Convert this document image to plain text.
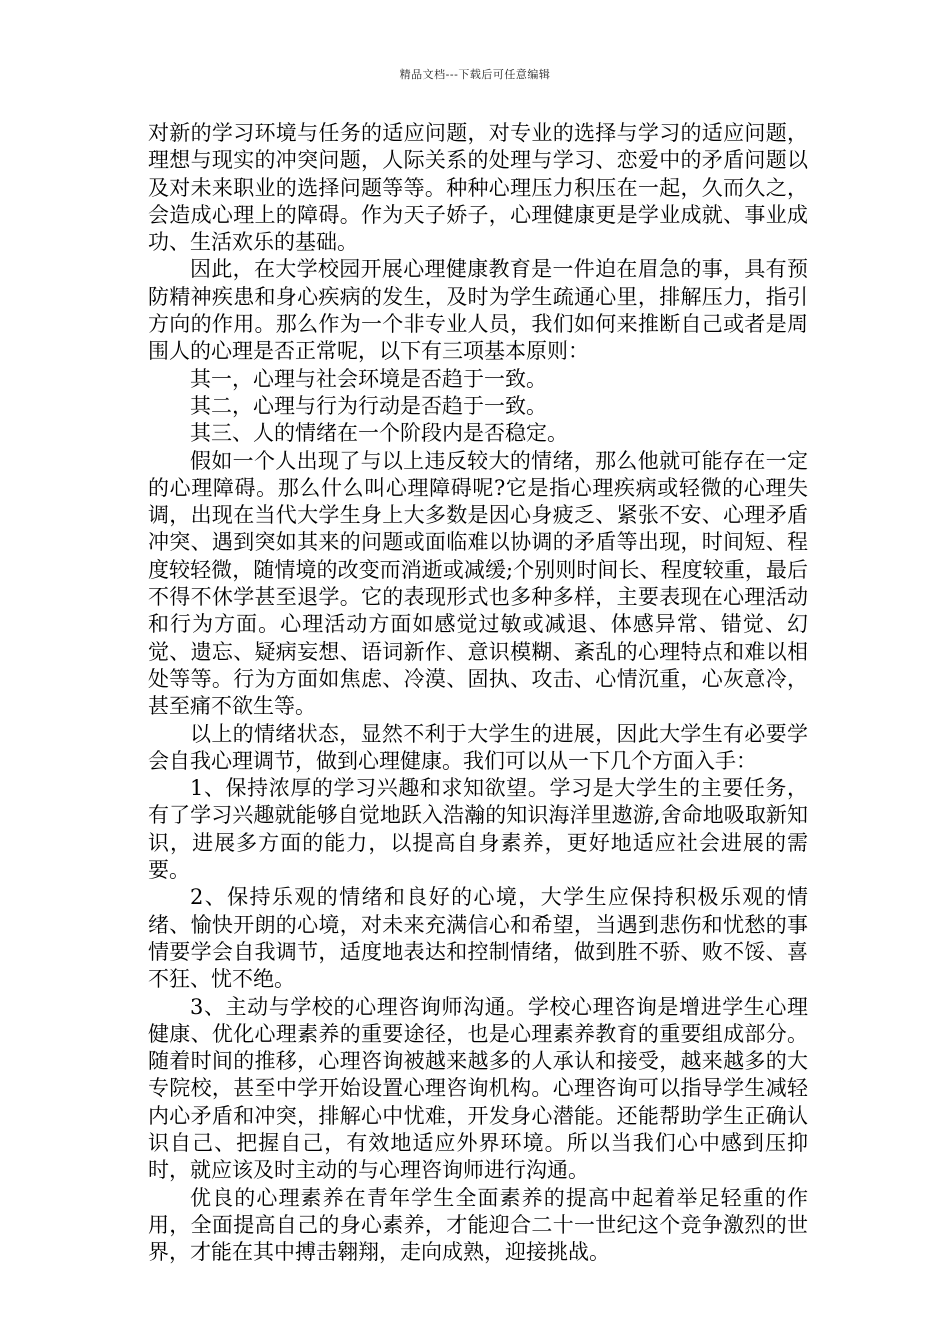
精品文档---下载后可任意编辑

对新的学习环境与任务的适应问题，对专业的选择与学习的适应问题，理想与现实的冲突问题，人际关系的处理与学习、恋爱中的矛盾问题以及对未来职业的选择问题等等。种种心理压力积压在一起，久而久之，会造成心理上的障碍。作为天子娇子，心理健康更是学业成就、事业成功、生活欢乐的基础。

因此，在大学校园开展心理健康教育是一件迫在眉急的事，具有预防精神疾患和身心疾病的发生，及时为学生疏通心里，排解压力，指引方向的作用。那么作为一个非专业人员，我们如何来推断自己或者是周围人的心理是否正常呢，以下有三项基本原则：

其一，心理与社会环境是否趋于一致。

其二，心理与行为行动是否趋于一致。

其三、人的情绪在一个阶段内是否稳定。

假如一个人出现了与以上违反较大的情绪，那么他就可能存在一定的心理障碍。那么什么叫心理障碍呢?它是指心理疾病或轻微的心理失调，出现在当代大学生身上大多数是因心身疲乏、紧张不安、心理矛盾冲突、遇到突如其来的问题或面临难以协调的矛盾等出现，时间短、程度较轻微，随情境的改变而消逝或减缓;个别则时间长、程度较重，最后不得不休学甚至退学。它的表现形式也多种多样，主要表现在心理活动和行为方面。心理活动方面如感觉过敏或减退、体感异常、错觉、幻觉、遗忘、疑病妄想、语词新作、意识模糊、紊乱的心理特点和难以相处等等。行为方面如焦虑、冷漠、固执、攻击、心情沉重，心灰意冷，甚至痛不欲生等。

以上的情绪状态，显然不利于大学生的进展，因此大学生有必要学会自我心理调节，做到心理健康。我们可以从一下几个方面入手：

1、保持浓厚的学习兴趣和求知欲望。学习是大学生的主要任务，有了学习兴趣就能够自觉地跃入浩瀚的知识海洋里遨游,舍命地吸取新知识，进展多方面的能力，以提高自身素养，更好地适应社会进展的需要。

2、保持乐观的情绪和良好的心境，大学生应保持积极乐观的情绪、愉快开朗的心境，对未来充满信心和希望，当遇到悲伤和忧愁的事情要学会自我调节，适度地表达和控制情绪，做到胜不骄、败不馁、喜不狂、忧不绝。

3、主动与学校的心理咨询师沟通。学校心理咨询是增进学生心理健康、优化心理素养的重要途径，也是心理素养教育的重要组成部分。随着时间的推移，心理咨询被越来越多的人承认和接受，越来越多的大专院校，甚至中学开始设置心理咨询机构。心理咨询可以指导学生减轻内心矛盾和冲突，排解心中忧难，开发身心潜能。还能帮助学生正确认识自己、把握自己，有效地适应外界环境。所以当我们心中感到压抑时，就应该及时主动的与心理咨询师进行沟通。

优良的心理素养在青年学生全面素养的提高中起着举足轻重的作用，全面提高自己的身心素养，才能迎合二十一世纪这个竞争激烈的世界，才能在其中搏击翱翔，走向成熟，迎接挑战。
